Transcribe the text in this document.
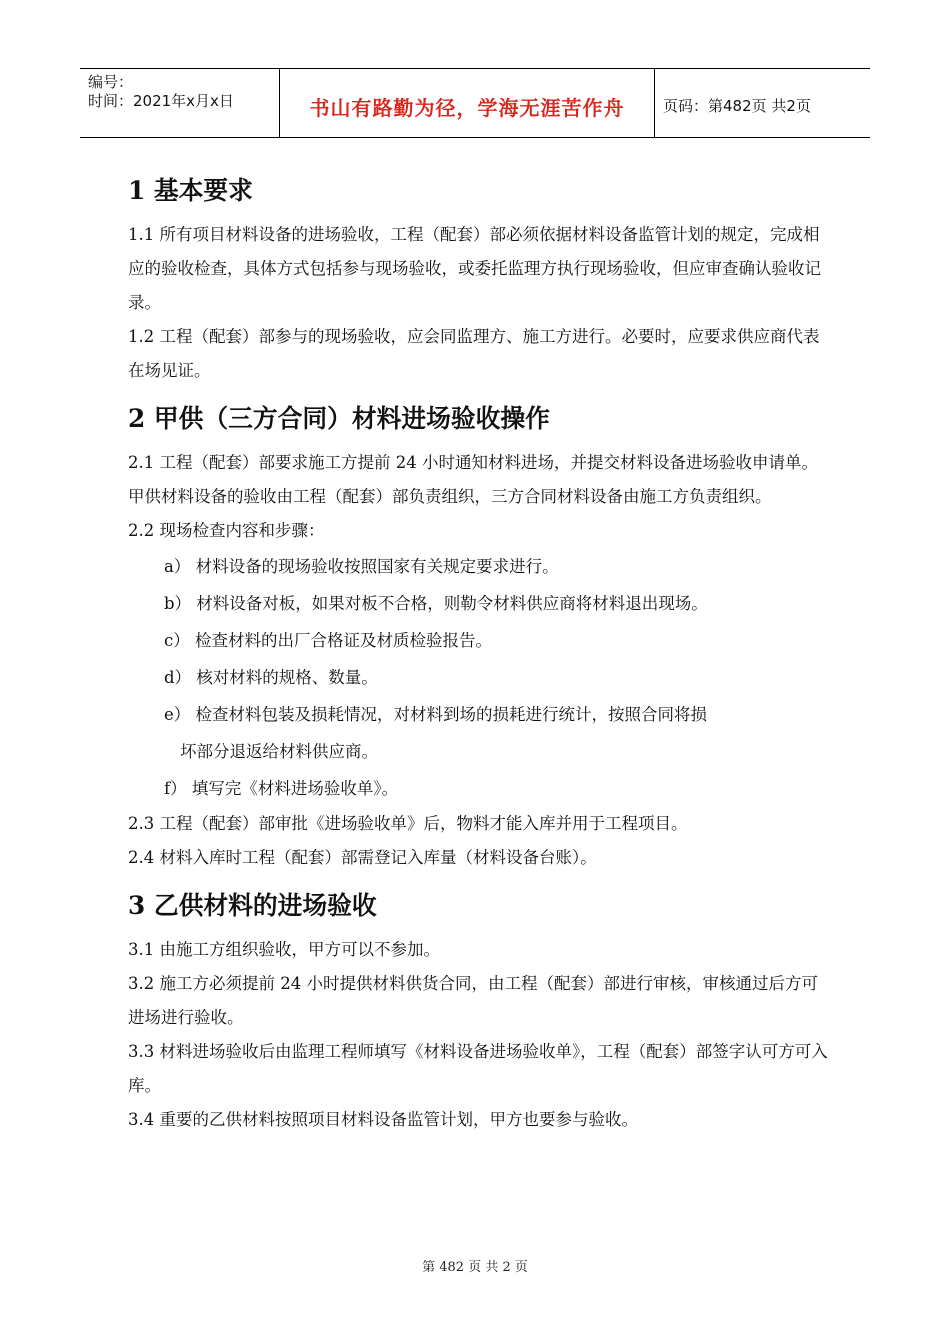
编号：
时间：2021年x月x日	书山有路勤为径，学海无涯苦作舟	页码：第482页 共2页
1 基本要求

1.1 所有项目材料设备的进场验收，工程（配套）部必须依据材料设备监管计划的规定，完成相应的验收检查，具体方式包括参与现场验收，或委托监理方执行现场验收，但应审查确认验收记录。

1.2 工程（配套）部参与的现场验收，应会同监理方、施工方进行。必要时，应要求供应商代表在场见证。

2 甲供（三方合同）材料进场验收操作

2.1 工程（配套）部要求施工方提前 24 小时通知材料进场，并提交材料设备进场验收申请单。甲供材料设备的验收由工程（配套）部负责组织，三方合同材料设备由施工方负责组织。

2.2 现场检查内容和步骤：

a） 材料设备的现场验收按照国家有关规定要求进行。

b） 材料设备对板，如果对板不合格，则勒令材料供应商将材料退出现场。

c） 检查材料的出厂合格证及材质检验报告。

d） 核对材料的规格、数量。

e） 检查材料包装及损耗情况，对材料到场的损耗进行统计，按照合同将损

坏部分退返给材料供应商。

f） 填写完《材料进场验收单》。

2.3 工程（配套）部审批《进场验收单》后，物料才能入库并用于工程项目。

2.4 材料入库时工程（配套）部需登记入库量（材料设备台账）。

3 乙供材料的进场验收

3.1 由施工方组织验收，甲方可以不参加。

3.2 施工方必须提前 24 小时提供材料供货合同，由工程（配套）部进行审核，审核通过后方可进场进行验收。

3.3 材料进场验收后由监理工程师填写《材料设备进场验收单》，工程（配套）部签字认可方可入库。

3.4 重要的乙供材料按照项目材料设备监管计划，甲方也要参与验收。

第 482 页 共 2 页
